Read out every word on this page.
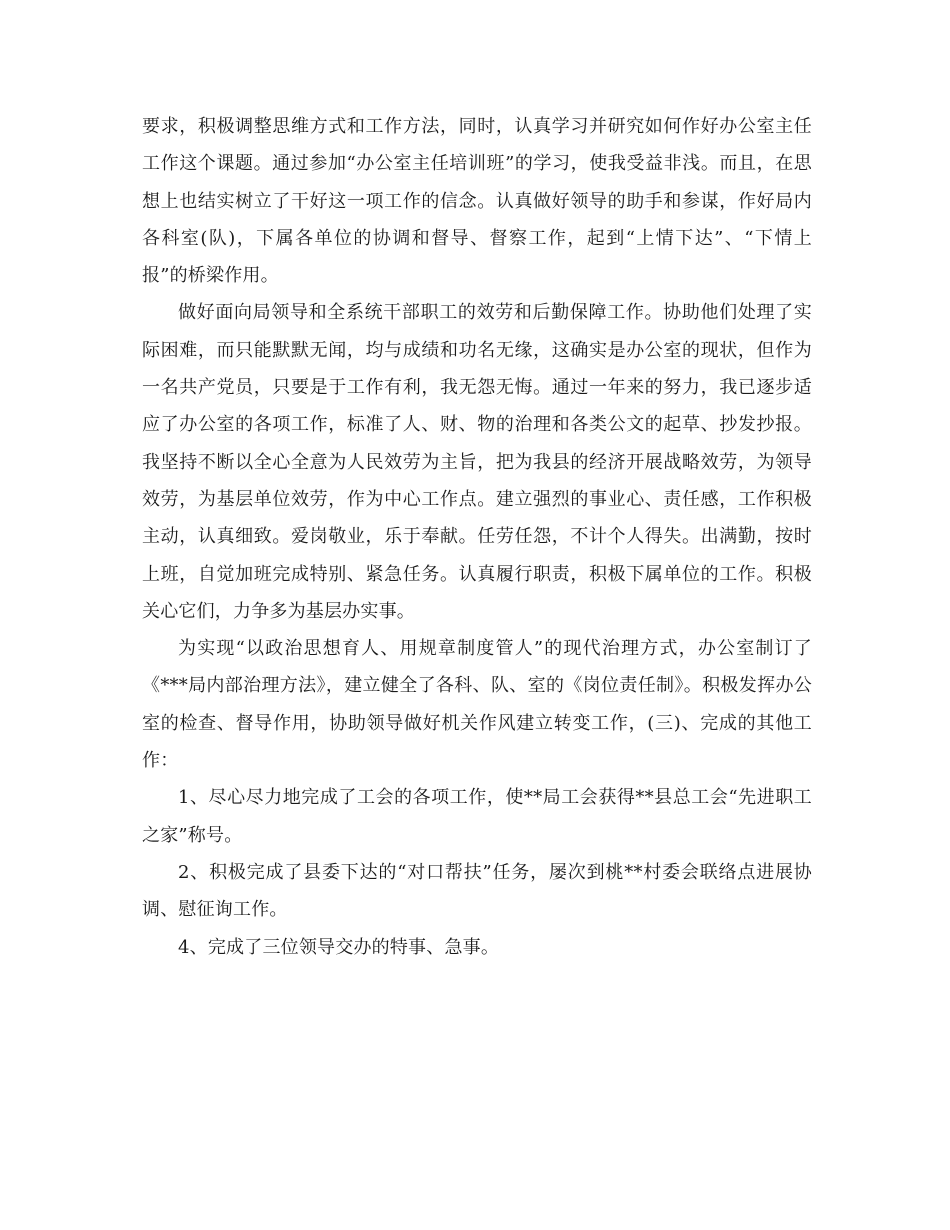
要求，积极调整思维方式和工作方法，同时，认真学习并研究如何作好办公室主任工作这个课题。通过参加“办公室主任培训班”的学习，使我受益非浅。而且，在思想上也结实树立了干好这一项工作的信念。认真做好领导的助手和参谋，作好局内各科室(队)，下属各单位的协调和督导、督察工作，起到“上情下达”、“下情上报”的桥梁作用。

做好面向局领导和全系统干部职工的效劳和后勤保障工作。协助他们处理了实际困难，而只能默默无闻，均与成绩和功名无缘，这确实是办公室的现状，但作为一名共产党员，只要是于工作有利，我无怨无悔。通过一年来的努力，我已逐步适应了办公室的各项工作，标准了人、财、物的治理和各类公文的起草、抄发抄报。我坚持不断以全心全意为人民效劳为主旨，把为我县的经济开展战略效劳，为领导效劳，为基层单位效劳，作为中心工作点。建立强烈的事业心、责任感，工作积极主动，认真细致。爱岗敬业，乐于奉献。任劳任怨，不计个人得失。出满勤，按时上班，自觉加班完成特别、紧急任务。认真履行职责，积极下属单位的工作。积极关心它们，力争多为基层办实事。

为实现“以政治思想育人、用规章制度管人”的现代治理方式，办公室制订了《***局内部治理方法》，建立健全了各科、队、室的《岗位责任制》。积极发挥办公室的检查、督导作用，协助领导做好机关作风建立转变工作，(三)、完成的其他工作：

1、尽心尽力地完成了工会的各项工作，使**局工会获得**县总工会“先进职工之家”称号。

2、积极完成了县委下达的“对口帮扶”任务，屡次到桃**村委会联络点进展协调、慰征询工作。

4、完成了三位领导交办的特事、急事。
